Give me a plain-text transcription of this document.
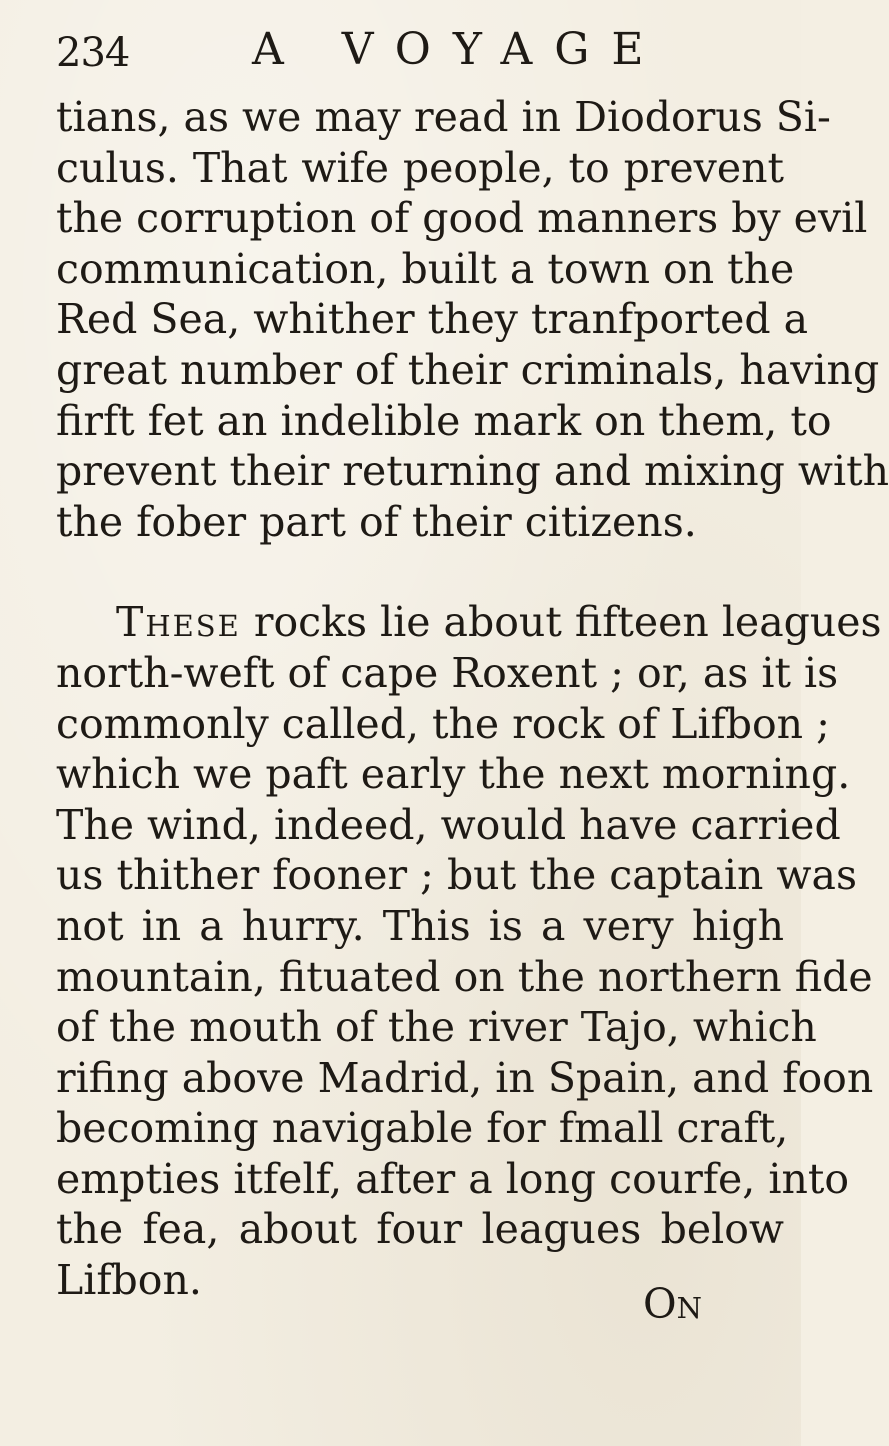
234	A VOYAGE
tians, as we may read in Diodorus Si-
culus. That wife people, to prevent
the corruption of good manners by evil
communication, built a town on the
Red Sea, whither they tranfported a
great number of their criminals, having
firft fet an indelible mark on them, to
prevent their returning and mixing with
the fober part of their citizens.
These rocks lie about fifteen leagues
north-weft of cape Roxent ; or, as it is
commonly called, the rock of Lifbon ;
which we paft early the next morning.
The wind, indeed, would have carried
us thither fooner ; but the captain was
not in a hurry. This is a very high
mountain, fituated on the northern fide
of the mouth of the river Tajo, which
rifing above Madrid, in Spain, and foon
becoming navigable for fmall craft,
empties itfelf, after a long courfe, into
the fea, about four leagues below
Lifbon.	On
